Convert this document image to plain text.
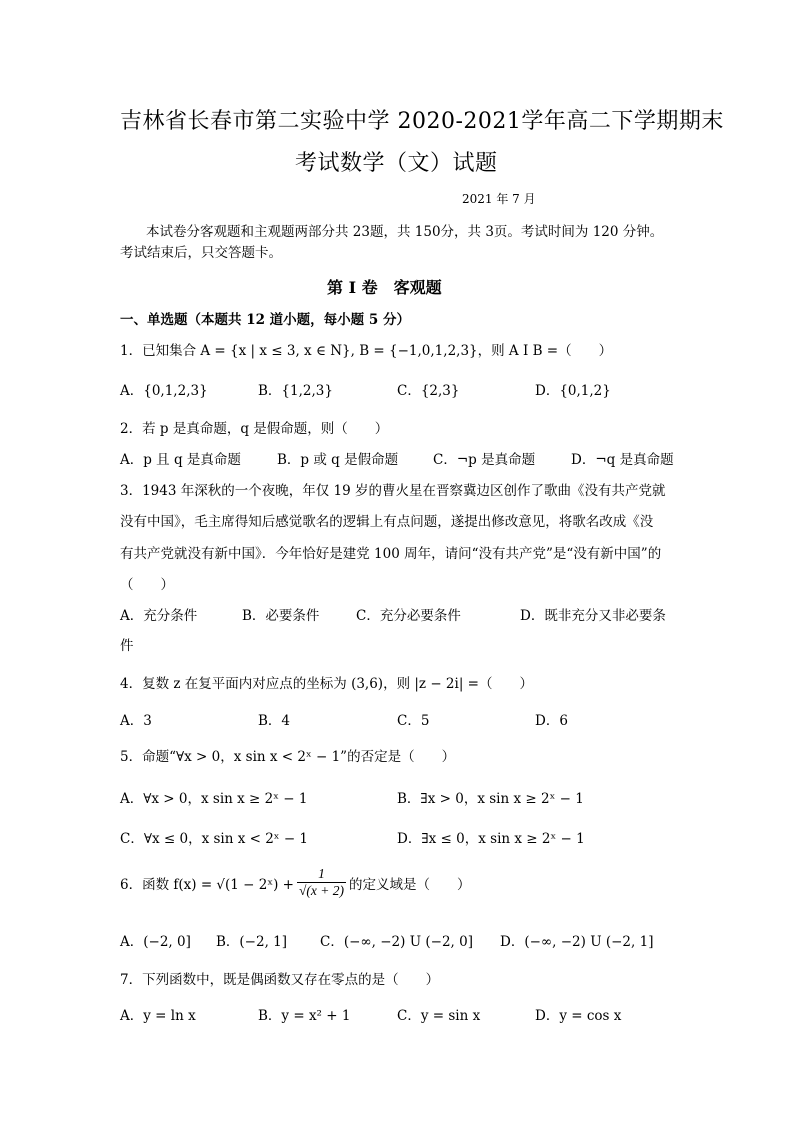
吉林省长春市第二实验中学 2020-2021学年高二下学期期末
考试数学（文）试题
2021 年 7 月
本试卷分客观题和主观题两部分共 23题，共 150分，共 3页。考试时间为 120 分钟。
考试结束后，只交答题卡。
第 I 卷　客观题
一、单选题（本题共 12 道小题，每小题 5 分）
1．已知集合 A = {x | x ≤ 3, x ∈ N}, B = {−1,0,1,2,3}，则 A I B =（　　）
A．{0,1,2,3}	B．{1,2,3}	C．{2,3}	D．{0,1,2}
2．若 p 是真命题，q 是假命题，则（　　）
A．p 且 q 是真命题	B．p 或 q 是假命题	C．¬p 是真命题	D．¬q 是真命题
3．1943 年深秋的一个夜晚，年仅 19 岁的曹火星在晋察冀边区创作了歌曲《没有共产党就
没有中国》，毛主席得知后感觉歌名的逻辑上有点问题，遂提出修改意见，将歌名改成《没
有共产党就没有新中国》．今年恰好是建党 100 周年，请问“没有共产党”是“没有新中国”的
（　　）
A．充分条件	B．必要条件	C．充分必要条件	D．既非充分又非必要条
件
4．复数 z 在复平面内对应点的坐标为 (3,6)，则 |z − 2i| =（　　）
A．3	B．4	C．5	D．6
5．命题“∀x > 0，x sin x < 2ˣ − 1”的否定是（　　）
A．∀x > 0，x sin x ≥ 2ˣ − 1	B．∃x > 0，x sin x ≥ 2ˣ − 1
C．∀x ≤ 0，x sin x < 2ˣ − 1	D．∃x ≤ 0，x sin x ≥ 2ˣ − 1
6．函数 f(x) = √(1 − 2ˣ) + $\frac{1}{√(x + 2)}$ 的定义域是（　　）
A．(−2, 0] B．(−2, 1] C．(−∞, −2) U (−2, 0] D．(−∞, −2) U (−2, 1]
7．下列函数中，既是偶函数又存在零点的是（　　）
A．y = ln x	B．y = x² + 1	C．y = sin x	D．y = cos x
